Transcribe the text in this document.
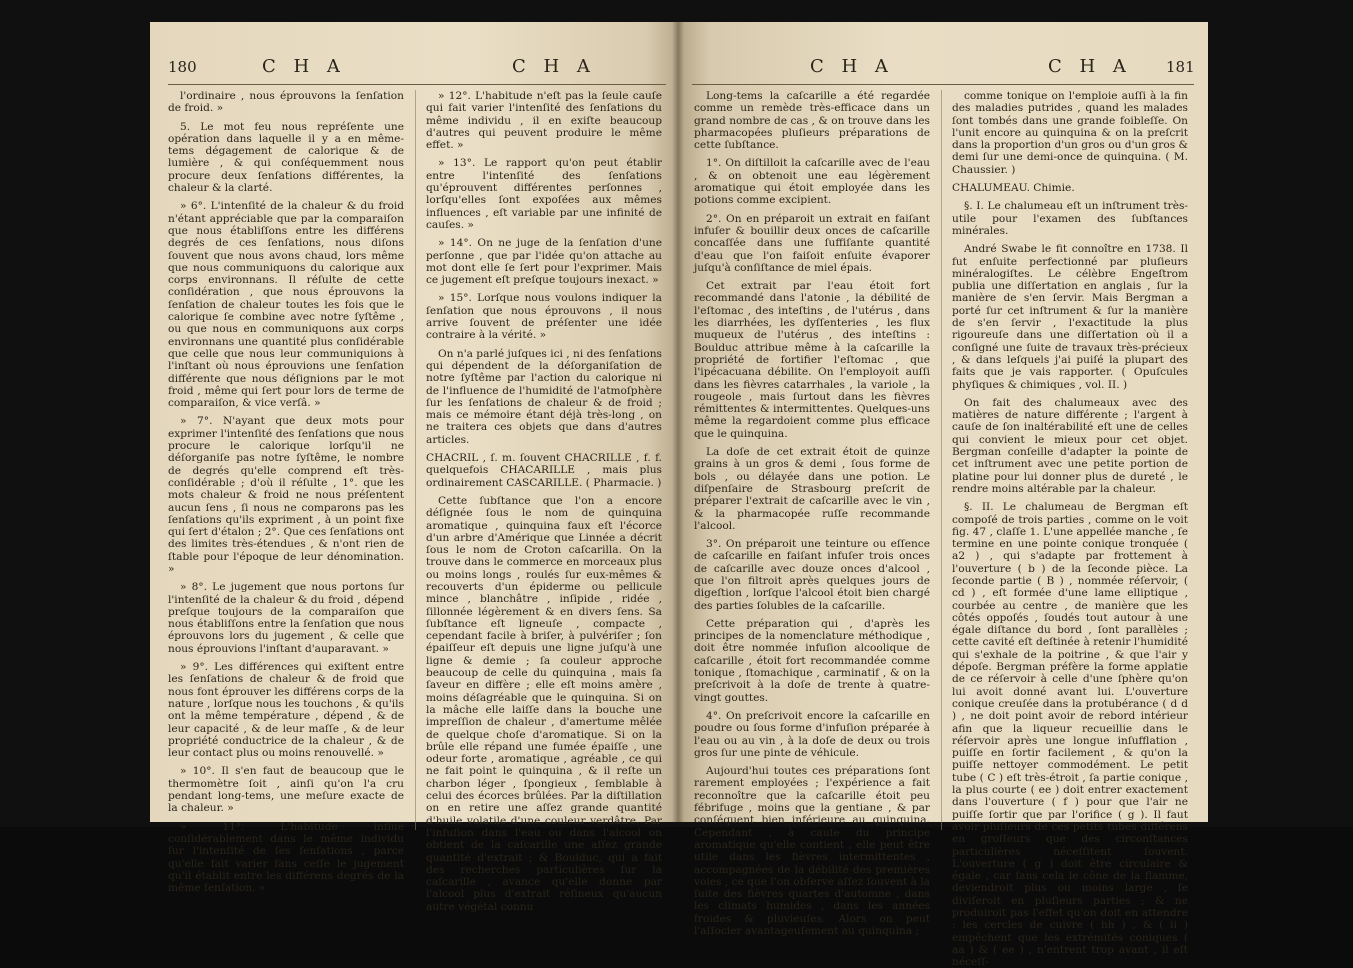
180	C H A	C H A

l'ordinaire , nous éprouvons la ſenſation de froid. »

5. Le mot feu nous repréſente une opération dans laquelle il y a en même-tems dégagement de calorique & de lumière , & qui conſéquemment nous procure deux ſenſations différentes, la chaleur & la clarté.

» 6°. L'intenſité de la chaleur & du froid n'étant appréciable que par la comparaiſon que nous établiſſons entre les différens degrés de ces ſenſations, nous diſons ſouvent que nous avons chaud, lors même que nous communiquons du calorique aux corps environnans. Il réſulte de cette conſidération , que nous éprouvons la ſenſation de chaleur toutes les fois que le calorique ſe combine avec notre ſyſtême , ou que nous en communiquons aux corps environnans une quantité plus conſidérable que celle que nous leur communiquions à l'inſtant où nous éprouvions une ſenſation différente que nous déſignions par le mot froid , même qui ſert pour lors de terme de comparaiſon, & vice verſâ. »

» 7°. N'ayant que deux mots pour exprimer l'intenſité des ſenſations que nous procure le calorique lorſqu'il ne déſorganiſe pas notre ſyſtême, le nombre de degrés qu'elle comprend eſt très-conſidérable ; d'où il réſulte , 1°. que les mots chaleur & froid ne nous préſentent aucun ſens , ſi nous ne comparons pas les ſenſations qu'ils expriment , à un point fixe qui ſert d'étalon ; 2°. Que ces ſenſations ont des limites très-étendues , & n'ont rien de ſtable pour l'époque de leur dénomination. »

» 8°. Le jugement que nous portons ſur l'intenſité de la chaleur & du froid , dépend preſque toujours de la comparaiſon que nous établiſſons entre la ſenſation que nous éprouvons lors du jugement , & celle que nous éprouvions l'inſtant d'auparavant. »

» 9°. Les différences qui exiſtent entre les ſenſations de chaleur & de froid que nous font éprouver les différens corps de la nature , lorſque nous les touchons , & qu'ils ont la même température , dépend , & de leur capacité , & de leur maſſe , & de leur propriété conductrice de la chaleur , & de leur contact plus ou moins renouvellé. »

» 10°. Il s'en faut de beaucoup que le thermomètre ſoit , ainſi qu'on l'a cru pendant long-tems, une meſure exacte de la chaleur. »

» 11°. L'habitude influe conſidérablement dans le même individu ſur l'intenſité de ſes ſenſations , parce qu'elle fait varier ſans ceſſe le jugement qu'il établit entre les différens degrés de la même ſenſation. »

» 12°. L'habitude n'eſt pas la ſeule cauſe qui fait varier l'intenſité des ſenſations du même individu , il en exiſte beaucoup d'autres qui peuvent produire le même effet. »

» 13°. Le rapport qu'on peut établir entre l'intenſité des ſenſations qu'éprouvent différentes perſonnes , lorſqu'elles ſont expoſées aux mêmes influences , eſt variable par une infinité de cauſes. »

» 14°. On ne juge de la ſenſation d'une perſonne , que par l'idée qu'on attache au mot dont elle ſe ſert pour l'exprimer. Mais ce jugement eſt preſque toujours inexact. »

» 15°. Lorſque nous voulons indiquer la ſenſation que nous éprouvons , il nous arrive ſouvent de préſenter une idée contraire à la vérité. »

On n'a parlé juſques ici , ni des ſenſations qui dépendent de la déſorganiſation de notre ſyſtême par l'action du calorique ni de l'influence de l'humidité de l'atmoſphère ſur les ſenſations de chaleur & de froid ; mais ce mémoire étant déjà très-long , on ne traitera ces objets que dans d'autres articles.

CHACRIL , ſ. m. ſouvent CHACRILLE , f. f. quelquefois CHACARILLE , mais plus ordinairement CASCARILLE. ( Pharmacie. )

Cette ſubſtance que l'on a encore déſignée ſous le nom de quinquina aromatique , quinquina faux eſt l'écorce d'un arbre d'Amérique que Linnée a décrit ſous le nom de Croton caſcarilla. On la trouve dans le commerce en morceaux plus ou moins longs , roulés ſur eux-mêmes & recouverts d'un épiderme ou pellicule mince , blanchâtre , inſipide , ridée , ſillonnée légèrement & en divers ſens. Sa ſubſtance eſt ligneuſe , compacte , cependant facile à briſer, à pulvériſer ; ſon épaiſſeur eſt depuis une ligne juſqu'à une ligne & demie ; ſa couleur approche beaucoup de celle du quinquina , mais ſa ſaveur en diffère ; elle eſt moins amère , moins déſagréable que le quinquina. Si on la mâche elle laiſſe dans la bouche une impreſſion de chaleur , d'amertume mêlée de quelque choſe d'aromatique. Si on la brûle elle répand une fumée épaiſſe , une odeur forte , aromatique , agréable , ce qui ne fait point le quinquina , & il reſte un charbon léger , ſpongieux , ſemblable à celui des écorces brûlées. Par la diſtillation on en retire une aſſez grande quantité d'huile volatile d'une couleur verdâtre. Par l'infuſion dans l'eau ou dans l'alcool on obtient de la caſcarille une aſſez grande quantité d'extrait ; & Boulduc, qui a fait des recherches particulières ſur la caſcarille , avance qu'elle donne par l'alcool plus d'extrait réſineux qu'aucun autre végétal connu

C H A	C H A 181

Long-tems la caſcarille a été regardée comme un remède très-efficace dans un grand nombre de cas , & on trouve dans les pharmacopées pluſieurs préparations de cette ſubſtance.

1°. On diſtilloit la caſcarille avec de l'eau , & on obtenoit une eau légèrement aromatique qui étoit employée dans les potions comme excipient.

2°. On en préparoit un extrait en faiſant infuſer & bouillir deux onces de caſcarille concaſſée dans une ſuffiſante quantité d'eau que l'on faiſoit enſuite évaporer juſqu'à conſiſtance de miel épais.

Cet extrait par l'eau étoit fort recommandé dans l'atonie , la débilité de l'eſtomac , des inteſtins , de l'utérus , dans les diarrhées, les dyſſenteries , les flux muqueux de l'utérus , des inteſtins : Boulduc attribue même à la caſcarille la propriété de fortifier l'eſtomac , que l'ipécacuana débilite. On l'employoit auſſi dans les fièvres catarrhales , la variole , la rougeole , mais ſurtout dans les fièvres rémittentes & intermittentes. Quelques-uns même la regardoient comme plus efficace que le quinquina.

La doſe de cet extrait étoit de quinze grains à un gros & demi , ſous forme de bols , ou délayée dans une potion. Le diſpenſaire de Strasbourg preſcrit de préparer l'extrait de caſcarille avec le vin , & la pharmacopée ruſſe recommande l'alcool.

3°. On préparoit une teinture ou eſſence de caſcarille en faiſant infuſer trois onces de caſcarille avec douze onces d'alcool , que l'on filtroit après quelques jours de digeſtion , lorſque l'alcool étoit bien chargé des parties ſolubles de la caſcarille.

Cette préparation qui , d'après les principes de la nomenclature méthodique , doit être nommée infuſion alcoolique de caſcarille , étoit fort recommandée comme tonique , ſtomachique , carminatif , & on la preſcrivoit à la doſe de trente à quatre-vingt gouttes.

4°. On preſcrivoit encore la caſcarille en poudre ou ſous forme d'infuſion préparée à l'eau ou au vin , à la doſe de deux ou trois gros ſur une pinte de véhicule.

Aujourd'hui toutes ces préparations ſont rarement employées ; l'expérience a fait reconnoître que la caſcarille étoit peu fébrifuge , moins que la gentiane , & par conſéquent bien inférieure au quinquina. Cependant , à cauſe du principe aromatique qu'elle contient , elle peut être utile dans les fièvres intermittentes , accompagnées de la débilité des premières voies , ce que l'on obſerve aſſez ſouvent à la ſuite des fièvres quartes d'automne , dans les climats humides , dans les années froides & pluvieuſes. Alors on peut l'aſſocier avantageuſement au quinquina ;

comme tonique on l'emploie auſſi à la fin des maladies putrides , quand les malades ſont tombés dans une grande foibleſſe. On l'unit encore au quinquina & on la preſcrit dans la proportion d'un gros ou d'un gros & demi ſur une demi-once de quinquina. ( M. Chaussier. )

CHALUMEAU. Chimie.

§. I. Le chalumeau eſt un inſtrument très-utile pour l'examen des ſubſtances minérales.

André Swabe le fit connoître en 1738. Il fut enſuite perfectionné par pluſieurs minéralogiſtes. Le célèbre Engeſtrom publia une diſſertation en anglais , ſur la manière de s'en ſervir. Mais Bergman a porté ſur cet inſtrument & ſur la manière de s'en ſervir , l'exactitude la plus rigoureuſe dans une diſſertation où il a conſigné une ſuite de travaux très-précieux , & dans leſquels j'ai puiſé la plupart des faits que je vais rapporter. ( Opuſcules phyſiques & chimiques , vol. II. )

On fait des chalumeaux avec des matières de nature différente ; l'argent à cauſe de ſon inaltérabilité eſt une de celles qui convient le mieux pour cet objet. Bergman conſeille d'adapter la pointe de cet inſtrument avec une petite portion de platine pour lui donner plus de dureté , le rendre moins altérable par la chaleur.

§. II. Le chalumeau de Bergman eſt compoſé de trois parties , comme on le voit fig. 47 , claſſe 1. L'une appellée manche , ſe termine en une pointe conique tronquée ( a2 ) , qui s'adapte par frottement à l'ouverture ( b ) de la ſeconde pièce. La ſeconde partie ( B ) , nommée réſervoir, ( cd ) , eſt formée d'une lame elliptique , courbée au centre , de manière que les côtés oppoſés , ſoudés tout autour à une égale diſtance du bord , ſont parallèles ; cette cavité eſt deſtinée à retenir l'humidité qui s'exhale de la poitrine , & que l'air y dépoſe. Bergman préfère la forme applatie de ce réſervoir à celle d'une ſphère qu'on lui avoit donné avant lui. L'ouverture conique creuſée dans la protubérance ( d d ) , ne doit point avoir de rebord intérieur afin que la liqueur recueillie dans le réſervoir après une longue inſufflation , puiſſe en ſortir facilement , & qu'on la puiſſe nettoyer commodément. Le petit tube ( C ) eſt très-étroit , ſa partie conique , la plus courte ( ee ) doit entrer exactement dans l'ouverture ( f ) pour que l'air ne puiſſe ſortir que par l'orifice ( g ). Il faut avoir pluſieurs de ces petits tubes différens en groſſeurs que des circonſtances particulières néceſſitent ſouvent. L'ouverture ( g ) doit être circulaire & égale , car ſans cela le cône de la flamme, deviendroit plus ou moins large , ſe diviſeroit en pluſieurs parties ; & ne produiroit pas l'effet qu'on doit en attendre : les cercles de cuivre ( hh ) , & ( ii ) empêchent que les extrémités coniques ( aa ) & ( ee ) , n'entrent trop avant , il eſt néceſſ-
